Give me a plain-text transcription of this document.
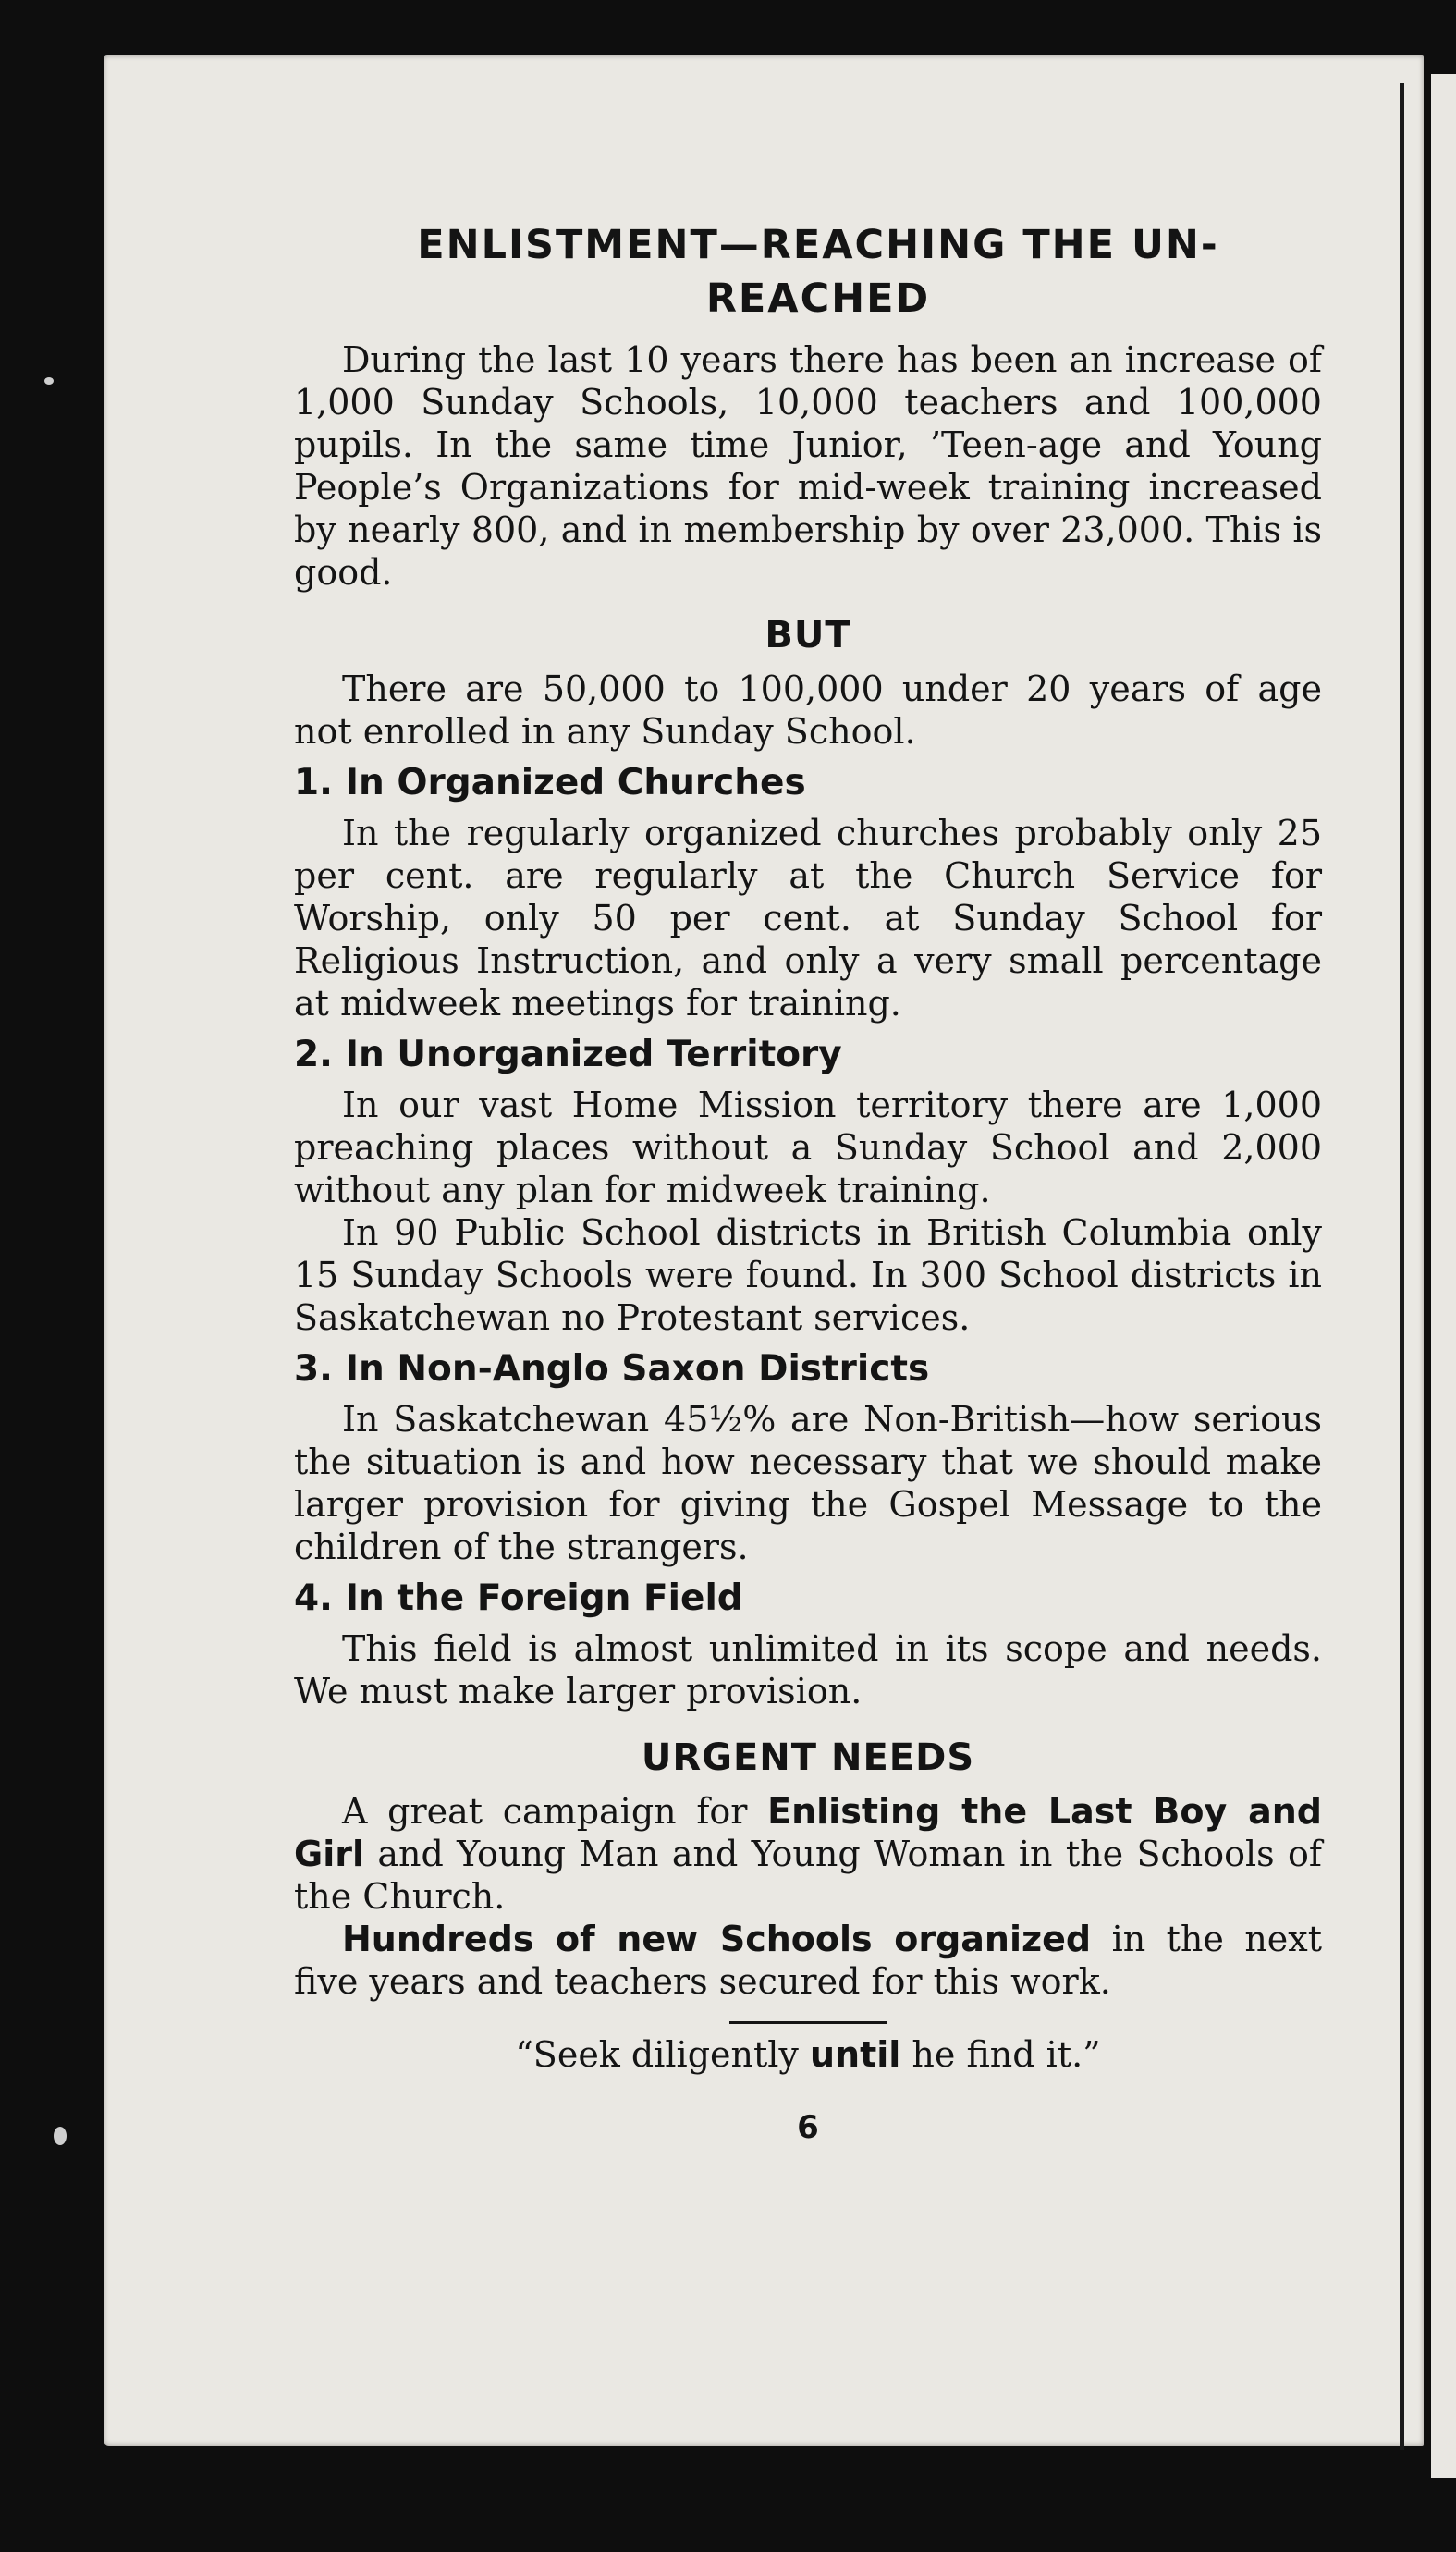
ENLISTMENT—REACHING THE UN- REACHED

During the last 10 years there has been an increase of 1,000 Sunday Schools, 10,000 teachers and 100,000 pupils. In the same time Junior, ’Teen-age and Young People’s Organizations for mid-week training increased by nearly 800, and in membership by over 23,000. This is good.

BUT

There are 50,000 to 100,000 under 20 years of age not enrolled in any Sunday School.

1. In Organized Churches

In the regularly organized churches probably only 25 per cent. are regularly at the Church Service for Worship, only 50 per cent. at Sunday School for Religious Instruction, and only a very small percentage at midweek meetings for training.

2. In Unorganized Territory

In our vast Home Mission territory there are 1,000 preaching places without a Sunday School and 2,000 without any plan for midweek training.

In 90 Public School districts in British Columbia only 15 Sunday Schools were found. In 300 School districts in Saskatchewan no Protestant services.

3. In Non-Anglo Saxon Districts

In Saskatchewan 45½% are Non-British—how serious the situation is and how necessary that we should make larger provision for giving the Gospel Message to the children of the strangers.

4. In the Foreign Field

This field is almost unlimited in its scope and needs. We must make larger provision.

URGENT NEEDS

A great campaign for Enlisting the Last Boy and Girl and Young Man and Young Woman in the Schools of the Church.

Hundreds of new Schools organized in the next five years and teachers secured for this work.

“Seek diligently until he find it.”

6
